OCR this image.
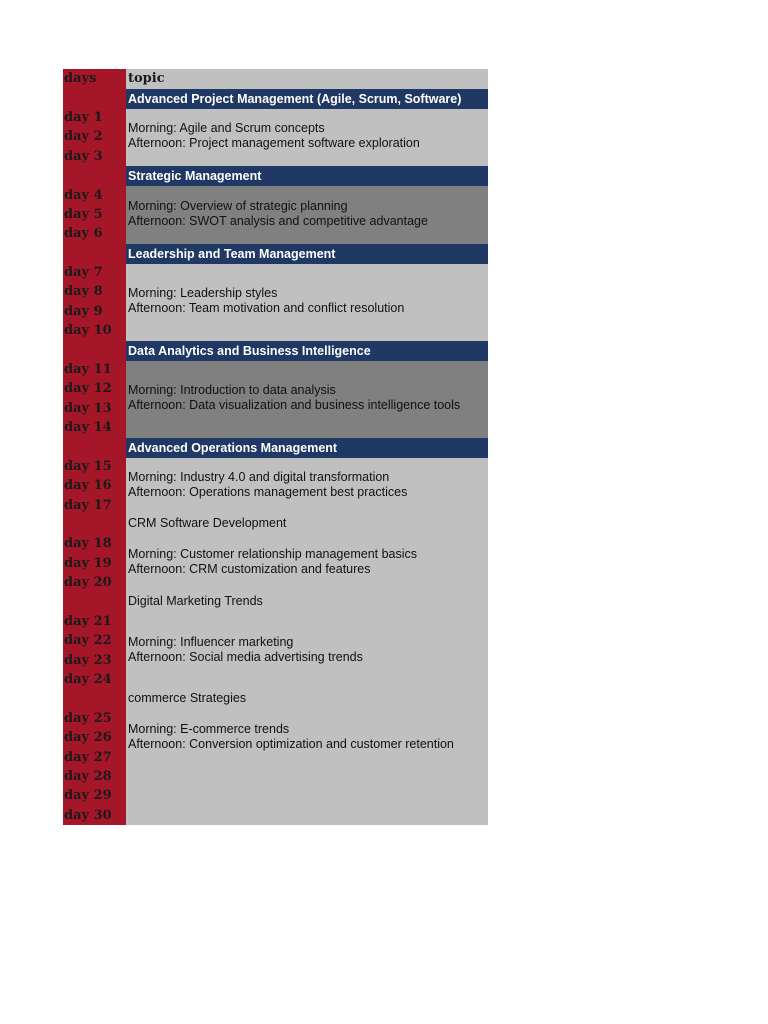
days topic
Advanced Project Management (Agile, Scrum, Software)
Strategic Management
Leadership and Team Management
Data Analytics and Business Intelligence
Advanced Operations Management
CRM Software Development
Digital Marketing Trends
commerce Strategies
Morning: Agile and Scrum concepts
Afternoon: Project management software exploration
Morning: Overview of strategic planning
Afternoon: SWOT analysis and competitive advantage
Morning: Leadership styles
Afternoon: Team motivation and conflict resolution
Morning: Introduction to data analysis
Afternoon: Data visualization and business intelligence tools
Morning: Industry 4.0 and digital transformation
Afternoon: Operations management best practices
Morning: Customer relationship management basics
Afternoon: CRM customization and features
Morning: Influencer marketing
Afternoon: Social media advertising trends
Morning: E-commerce trends
Afternoon: Conversion optimization and customer retention
day 1
day 2
day 3
day 4
day 5
day 6
day 7
day 8
day 9
day 10
day 11
day 12
day 13
day 14
day 15
day 16
day 17
day 18
day 19
day 20
day 21
day 22
day 23
day 24
day 25
day 26
day 27
day 28
day 29
day 30
